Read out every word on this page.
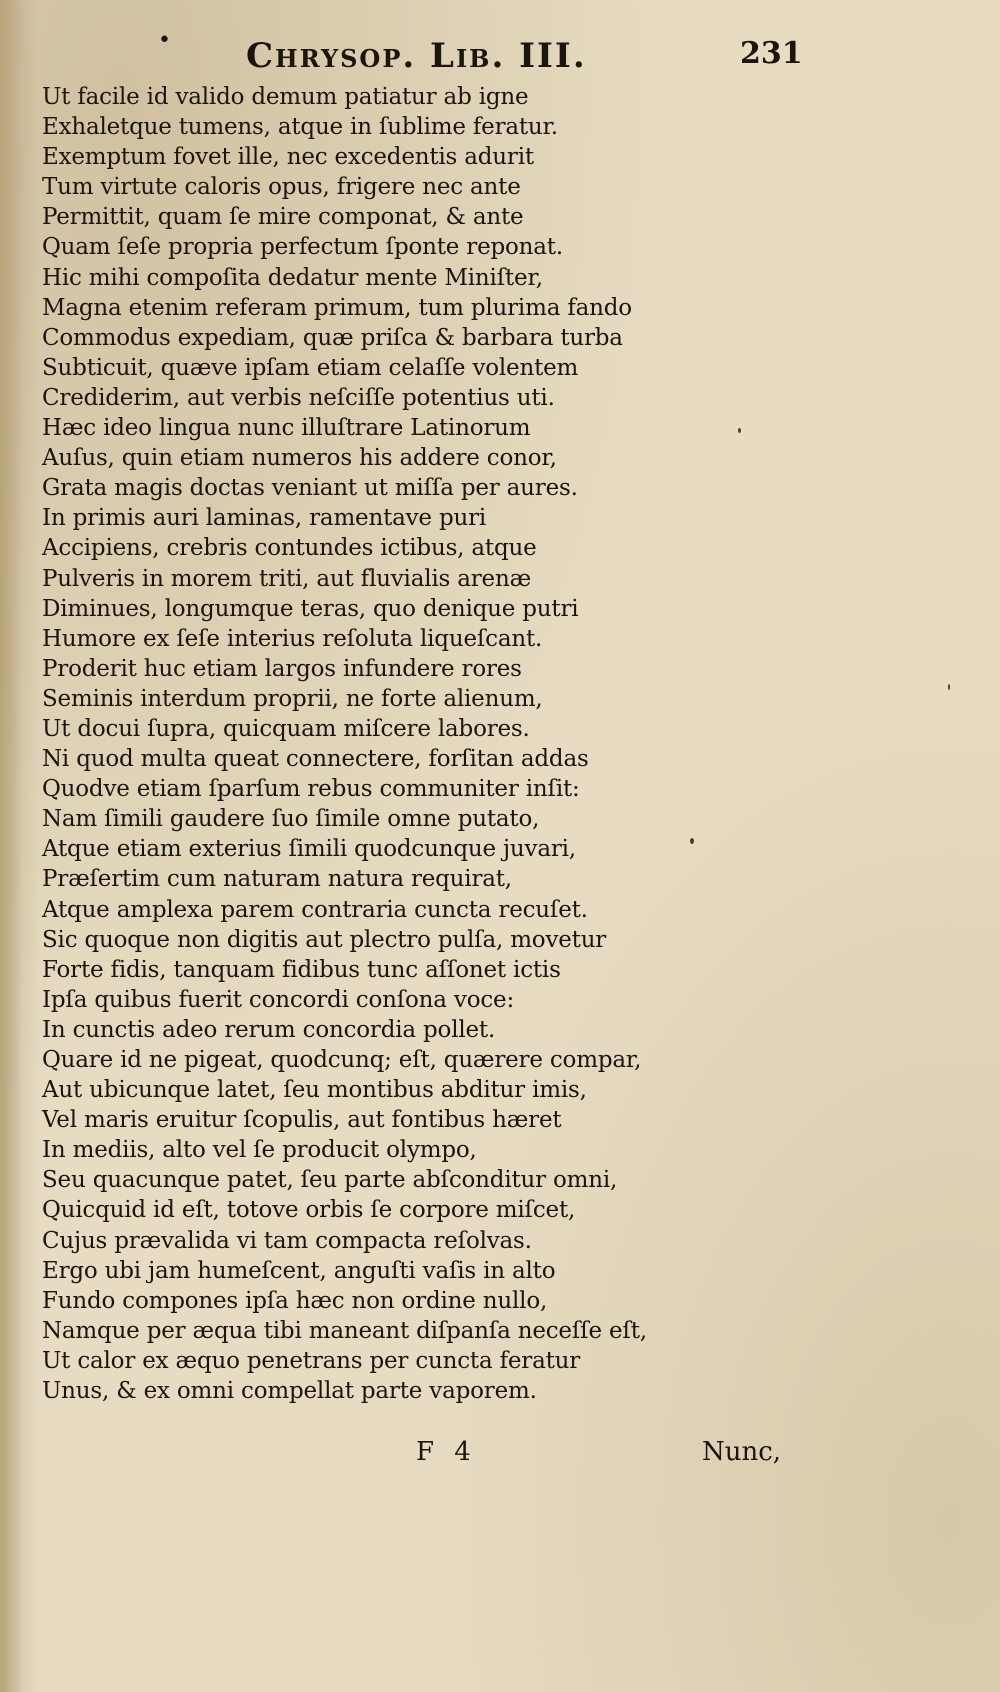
• Chrysop. Lib. III.	231
Ut facile id valido demum patiatur ab igne
Exhaletque tumens, atque in ſublime feratur.
Exemptum fovet ille, nec excedentis adurit
Tum virtute caloris opus, frigere nec ante
Permittit, quam ſe mire componat, & ante
Quam ſeſe propria perfectum ſponte reponat.
Hic mihi compoſita dedatur mente Miniſter,
Magna etenim referam primum, tum plurima fando
Commodus expediam, quæ priſca & barbara turba
Subticuit, quæve ipſam etiam celaſſe volentem
Crediderim, aut verbis neſciſſe potentius uti.
Hæc ideo lingua nunc illuſtrare Latinorum
Auſus, quin etiam numeros his addere conor,
Grata magis doctas veniant ut miſſa per aures.
In primis auri laminas, ramentave puri
Accipiens, crebris contundes ictibus, atque
Pulveris in morem triti, aut fluvialis arenæ
Diminues, longumque teras, quo denique putri
Humore ex ſeſe interius reſoluta liqueſcant.
Proderit huc etiam largos infundere rores
Seminis interdum proprii, ne forte alienum,
Ut docui ſupra, quicquam miſcere labores.
Ni quod multa queat connectere, forſitan addas
Quodve etiam ſparſum rebus communiter inſit:
Nam ſimili gaudere ſuo ſimile omne putato,
Atque etiam exterius ſimili quodcunque juvari,
Præſertim cum naturam natura requirat,
Atque amplexa parem contraria cuncta recuſet.
Sic quoque non digitis aut plectro pulſa, movetur
Forte fidis, tanquam fidibus tunc aſſonet ictis
Ipſa quibus fuerit concordi conſona voce:
In cunctis adeo rerum concordia pollet.
Quare id ne pigeat, quodcunq; eſt, quærere compar,
Aut ubicunque latet, ſeu montibus abditur imis,
Vel maris eruitur ſcopulis, aut fontibus hæret
In mediis, alto vel ſe producit olympo,
Seu quacunque patet, ſeu parte abſconditur omni,
Quicquid id eſt, totove orbis ſe corpore miſcet,
Cujus prævalida vi tam compacta reſolvas.
Ergo ubi jam humeſcent, anguſti vaſis in alto
Fundo compones ipſa hæc non ordine nullo,
Namque per æqua tibi maneant diſpanſa neceſſe eſt,
Ut calor ex æquo penetrans per cuncta feratur
Unus, & ex omni compellat parte vaporem.
F 4	Nunc,
